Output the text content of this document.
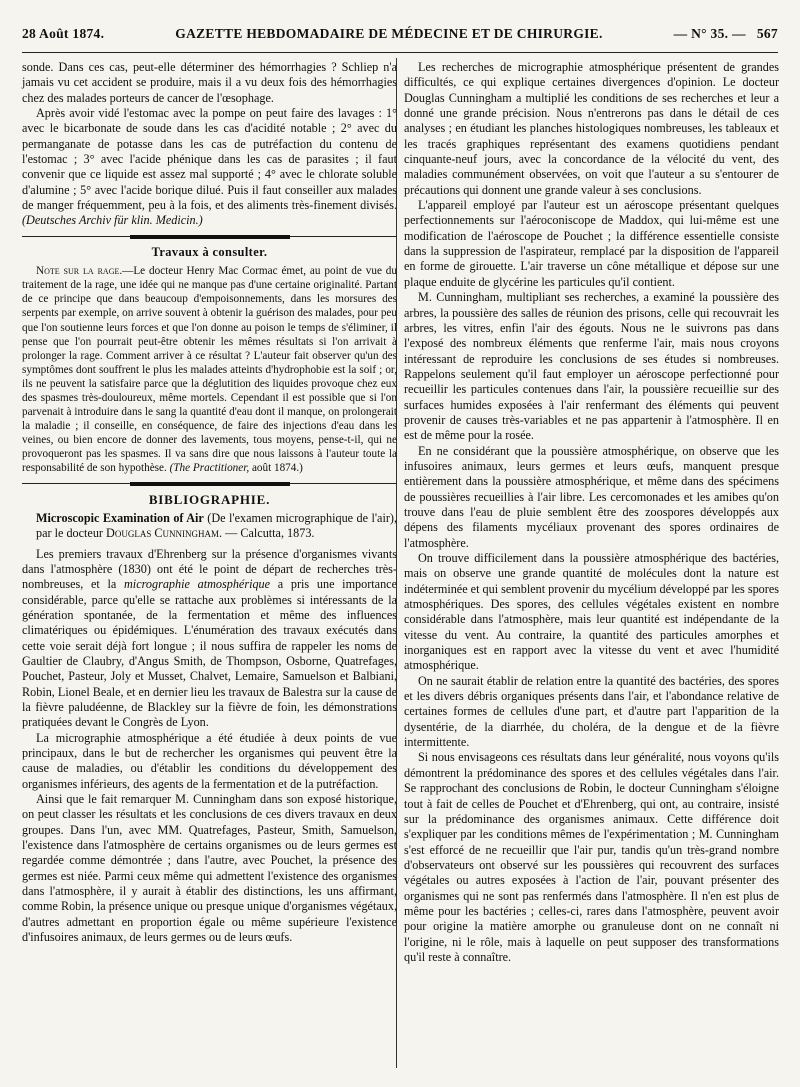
28 Août 1874.	GAZETTE HEBDOMADAIRE DE MÉDECINE ET DE CHIRURGIE.	— N° 35. — 567

sonde. Dans ces cas, peut-elle déterminer des hémorrhagies ? Schliep n'a jamais vu cet accident se produire, mais il a vu deux fois des hémorrhagies chez des malades porteurs de cancer de l'œsophage.

Après avoir vidé l'estomac avec la pompe on peut faire des lavages : 1° avec le bicarbonate de soude dans les cas d'acidité notable ; 2° avec du permanganate de potasse dans les cas de putréfaction du contenu de l'estomac ; 3° avec l'acide phénique dans les cas de parasites ; il faut convenir que ce liquide est assez mal supporté ; 4° avec le chlorate soluble d'alumine ; 5° avec l'acide borique dilué. Puis il faut conseiller aux malades de manger fréquemment, peu à la fois, et des aliments très-finement divisés. (Deutsches Archiv für klin. Medicin.)

Travaux à consulter.

Note sur la rage.—Le docteur Henry Mac Cormac émet, au point de vue du traitement de la rage, une idée qui ne manque pas d'une certaine originalité. Partant de ce principe que dans beaucoup d'empoisonnements, dans les morsures des serpents par exemple, on arrive souvent à obtenir la guérison des malades, pour peu que l'on soutienne leurs forces et que l'on donne au poison le temps de s'éliminer, il pense que l'on pourrait peut-être obtenir les mêmes résultats si l'on arrivait à prolonger la rage. Comment arriver à ce résultat ? L'auteur fait observer qu'un des symptômes dont souffrent le plus les malades atteints d'hydrophobie est la soif ; or, ils ne peuvent la satisfaire parce que la déglutition des liquides provoque chez eux des spasmes très-douloureux, même mortels. Cependant il est possible que si l'on parvenait à introduire dans le sang la quantité d'eau dont il manque, on prolongerait la maladie ; il conseille, en conséquence, de faire des injections d'eau dans les veines, ou bien encore de donner des lavements, tous moyens, pense-t-il, qui ne provoqueront pas les spasmes. Il va sans dire que nous laissons à l'auteur toute la responsabilité de son hypothèse. (The Practitioner, août 1874.)

BIBLIOGRAPHIE.

Microscopic Examination of Air (De l'examen micrographique de l'air), par le docteur Douglas Cunningham. — Calcutta, 1873.

Les premiers travaux d'Ehrenberg sur la présence d'organismes vivants dans l'atmosphère (1830) ont été le point de départ de recherches très-nombreuses, et la micrographie atmosphérique a pris une importance considérable, parce qu'elle se rattache aux problèmes si intéressants de la génération spontanée, de la fermentation et même des influences climatériques ou épidémiques. L'énumération des travaux exécutés dans cette voie serait déjà fort longue ; il nous suffira de rappeler les noms de Gaultier de Claubry, d'Angus Smith, de Thompson, Osborne, Quatrefages, Pouchet, Pasteur, Joly et Musset, Chalvet, Lemaire, Samuelson et Balbiani, Robin, Lionel Beale, et en dernier lieu les travaux de Balestra sur la cause de la fièvre paludéenne, de Blackley sur la fièvre de foin, les démonstrations pratiquées devant le Congrès de Lyon.

La micrographie atmosphérique a été étudiée à deux points de vue principaux, dans le but de rechercher les organismes qui peuvent être la cause de maladies, ou d'établir les conditions du développement des organismes inférieurs, des agents de la fermentation et de la putréfaction.

Ainsi que le fait remarquer M. Cunningham dans son exposé historique, on peut classer les résultats et les conclusions de ces divers travaux en deux groupes. Dans l'un, avec MM. Quatrefages, Pasteur, Smith, Samuelson, l'existence dans l'atmosphère de certains organismes ou de leurs germes est regardée comme démontrée ; dans l'autre, avec Pouchet, la présence des germes est niée. Parmi ceux même qui admettent l'existence des organismes dans l'atmosphère, il y aurait à établir des distinctions, les uns affirmant, comme Robin, la présence unique ou presque unique d'organismes végétaux, d'autres admettant en proportion égale ou même supérieure l'existence d'infusoires animaux, de leurs germes ou de leurs œufs.

Les recherches de micrographie atmosphérique présentent de grandes difficultés, ce qui explique certaines divergences d'opinion. Le docteur Douglas Cunningham a multiplié les conditions de ses recherches et leur a donné une grande précision. Nous n'entrerons pas dans le détail de ces analyses ; en étudiant les planches histologiques nombreuses, les tableaux et les tracés graphiques représentant des examens quotidiens pendant cinquante-neuf jours, avec la concordance de la vélocité du vent, des maladies communément observées, on voit que l'auteur a su s'entourer de précautions qui donnent une grande valeur à ses conclusions.

L'appareil employé par l'auteur est un aéroscope présentant quelques perfectionnements sur l'aéroconiscope de Maddox, qui lui-même est une modification de l'aéroscope de Pouchet ; la différence essentielle consiste dans la suppression de l'aspirateur, remplacé par la disposition de l'appareil en forme de girouette. L'air traverse un cône métallique et dépose sur une plaque enduite de glycérine les particules qu'il contient.

M. Cunningham, multipliant ses recherches, a examiné la poussière des arbres, la poussière des salles de réunion des prisons, celle qui recouvrait les arbres, les vitres, enfin l'air des égouts. Nous ne le suivrons pas dans l'exposé des nombreux éléments que renferme l'air, mais nous croyons intéressant de reproduire les conclusions de ses études si nombreuses. Rappelons seulement qu'il faut employer un aéroscope perfectionné pour recueillir les particules contenues dans l'air, la poussière recueillie sur des surfaces humides exposées à l'air renfermant des éléments qui peuvent provenir de causes très-variables et ne pas appartenir à l'atmosphère. Il en est de même pour la rosée.

En ne considérant que la poussière atmosphérique, on observe que les infusoires animaux, leurs germes et leurs œufs, manquent presque entièrement dans la poussière atmosphérique, et même dans des spécimens de poussières recueillies à l'air libre. Les cercomonades et les amibes qu'on trouve dans l'eau de pluie semblent être des zoospores développés aux dépens des filaments mycéliaux provenant des spores ordinaires de l'atmosphère.

On trouve difficilement dans la poussière atmosphérique des bactéries, mais on observe une grande quantité de molécules dont la nature est indéterminée et qui semblent provenir du mycélium développé par les spores atmosphériques. Des spores, des cellules végétales existent en nombre considérable dans l'atmosphère, mais leur quantité est indépendante de la vitesse du vent. Au contraire, la quantité des particules amorphes et inorganiques est en rapport avec la vitesse du vent et avec l'humidité atmosphérique.

On ne saurait établir de relation entre la quantité des bactéries, des spores et les divers débris organiques présents dans l'air, et l'abondance relative de certaines formes de cellules d'une part, et d'autre part l'apparition de la dysentérie, de la diarrhée, du choléra, de la dengue et de la fièvre intermittente.

Si nous envisageons ces résultats dans leur généralité, nous voyons qu'ils démontrent la prédominance des spores et des cellules végétales dans l'air. Se rapprochant des conclusions de Robin, le docteur Cunningham s'éloigne tout à fait de celles de Pouchet et d'Ehrenberg, qui ont, au contraire, insisté sur la prédominance des organismes animaux. Cette différence doit s'expliquer par les conditions mêmes de l'expérimentation ; M. Cunningham s'est efforcé de ne recueillir que l'air pur, tandis qu'un très-grand nombre d'observateurs ont observé sur les poussières qui recouvrent des surfaces végétales ou autres exposées à l'action de l'air, pouvant présenter des organismes qui ne sont pas renfermés dans l'atmosphère. Il n'en est plus de même pour les bactéries ; celles-ci, rares dans l'atmosphère, peuvent avoir pour origine la matière amorphe ou granuleuse dont on ne connaît ni l'origine, ni le rôle, mais à laquelle on peut supposer des transformations qu'il reste à connaître.
